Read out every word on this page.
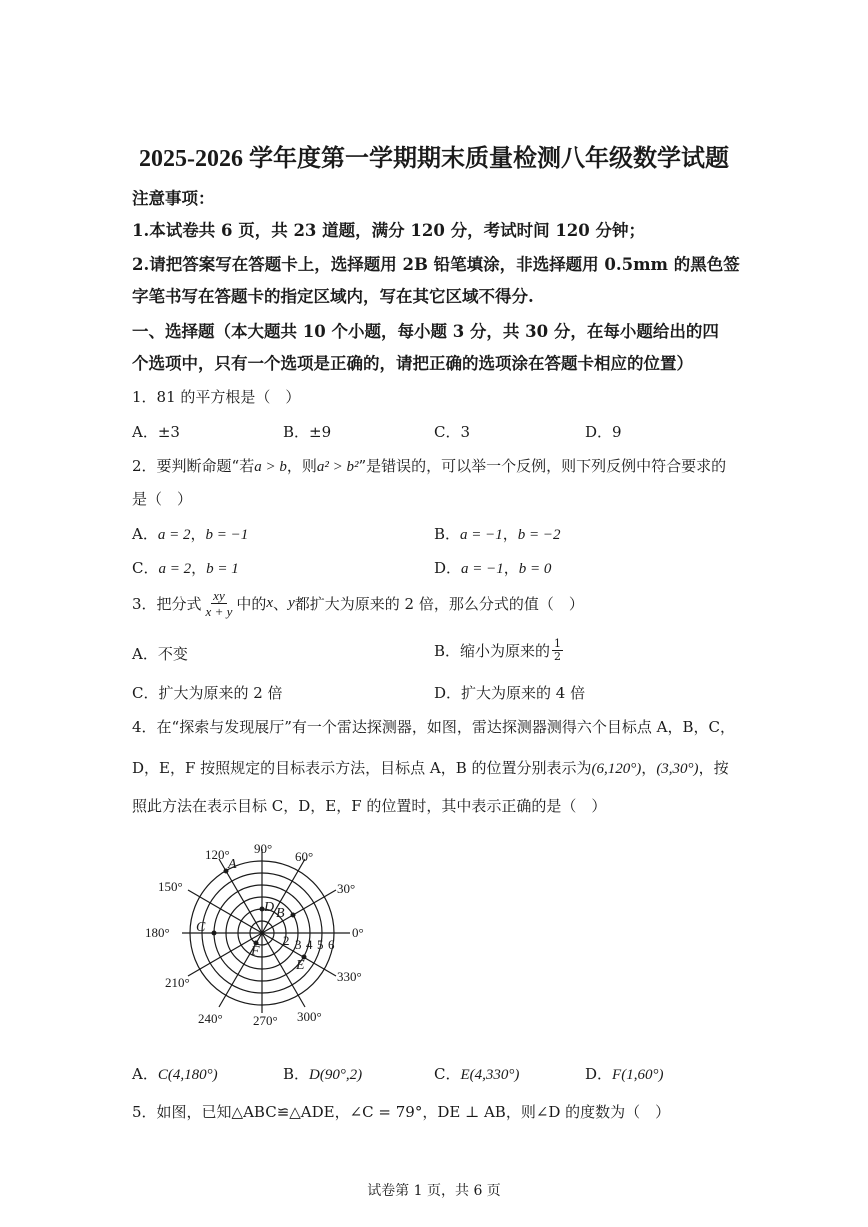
2025-2026 学年度第一学期期末质量检测八年级数学试题
注意事项：
1.本试卷共 6 页，共 23 道题，满分 120 分，考试时间 120 分钟；
2.请把答案写在答题卡上，选择题用 2B 铅笔填涂，非选择题用 0.5mm 的黑色签
字笔书写在答题卡的指定区域内，写在其它区域不得分.
一、选择题（本大题共 10 个小题，每小题 3 分，共 30 分，在每小题给出的四
个选项中，只有一个选项是正确的，请把正确的选项涂在答题卡相应的位置）
1．81 的平方根是（　）
A．±3	B．±9	C．3	D．9
2．要判断命题“若a > b，则a² > b²”是错误的，可以举一个反例，则下列反例中符合要求的
是（　）
A．a = 2，b = −1	B．a = −1，b = −2
C．a = 2，b = 1	D．a = −1，b = 0
3．把分式 $\frac{xy}{x + y}$ 中的 x 、 y 都扩大为原来的 2 倍，那么分式的值（　）
A．不变	B．缩小为原来的 $\frac{1}{2}$
C．扩大为原来的 2 倍	D．扩大为原来的 4 倍
4．在“探索与发现展厅”有一个雷达探测器，如图，雷达探测器测得六个目标点 A，B，C，
D，E，F 按照规定的目标表示方法，目标点 A，B 的位置分别表示为(6,120°)，(3,30°)，按
照此方法在表示目标 C，D，E，F 的位置时，其中表示正确的是（　）
0°
30°
60°
90°
120°
150°
180°
210°
240° 270° 300°
330°
2 3 4 5 6
A
B
C
D
E
F
A．C(4,180°)	B．D(90°,2)	C．E(4,330°)	D．F(1,60°)
5．如图，已知△ABC≌△ADE，∠C = 79°，DE ⊥ AB，则∠D 的度数为（　）
试卷第 1 页，共 6 页
